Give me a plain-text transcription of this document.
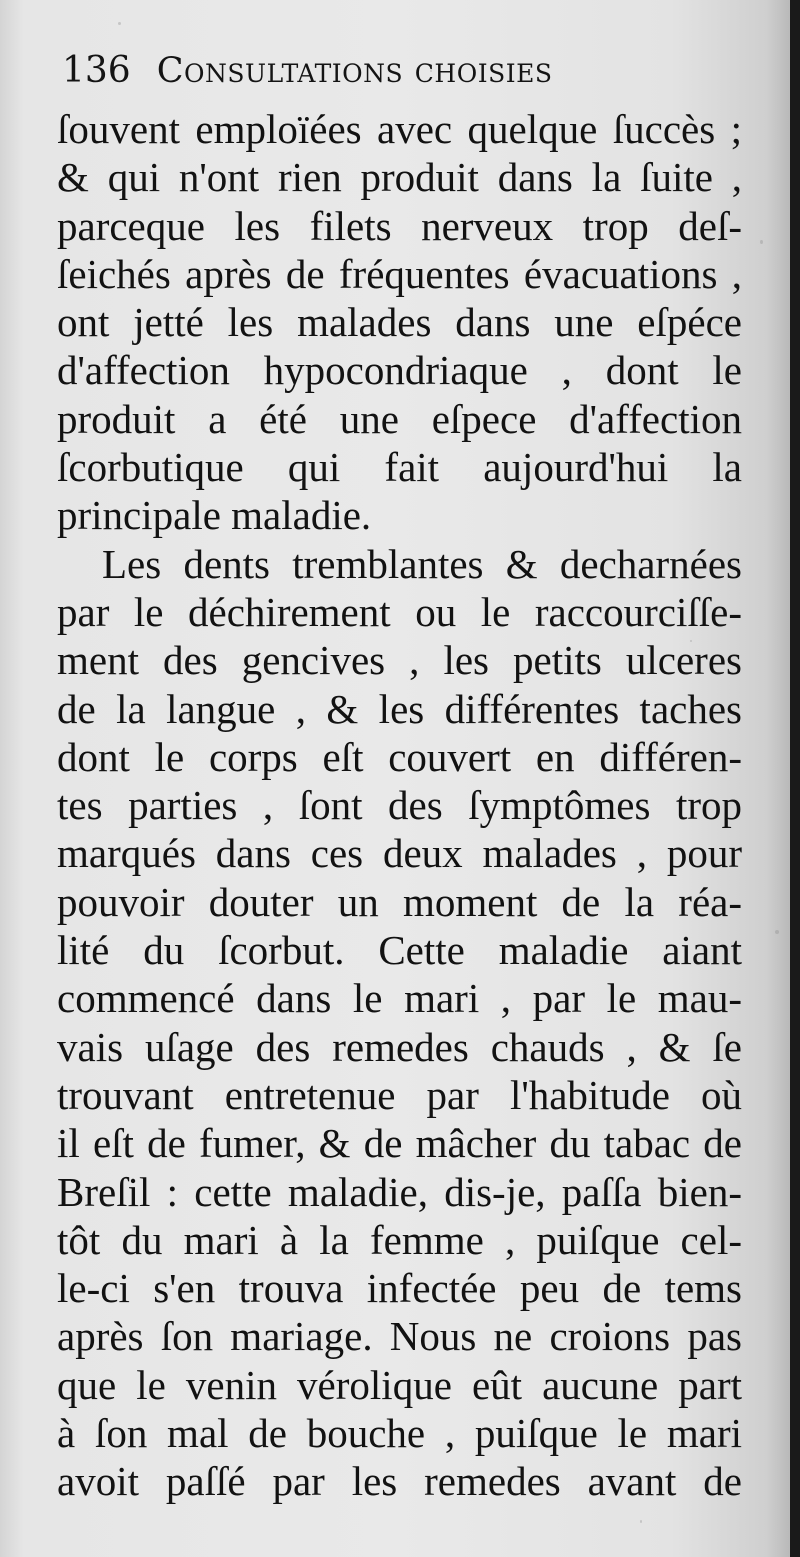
136 Consultations choisies
ſouvent emploïées avec quelque ſuccès ;
& qui n'ont rien produit dans la ſuite ,
parceque les filets nerveux trop deſ-
ſeichés après de fréquentes évacuations ,
ont jetté les malades dans une eſpéce
d'affection hypocondriaque , dont le
produit a été une eſpece d'affection
ſcorbutique qui fait aujourd'hui la
principale maladie.
Les dents tremblantes & decharnées
par le déchirement ou le raccourciſſe-
ment des gencives , les petits ulceres
de la langue , & les différentes taches
dont le corps eſt couvert en différen-
tes parties , ſont des ſymptômes trop
marqués dans ces deux malades , pour
pouvoir douter un moment de la réa-
lité du ſcorbut. Cette maladie aiant
commencé dans le mari , par le mau-
vais uſage des remedes chauds , & ſe
trouvant entretenue par l'habitude où
il eſt de fumer, & de mâcher du tabac de
Breſil : cette maladie, dis-je, paſſa bien-
tôt du mari à la femme , puiſque cel-
le-ci s'en trouva infectée peu de tems
après ſon mariage. Nous ne croions pas
que le venin vérolique eût aucune part
à ſon mal de bouche , puiſque le mari
avoit paſſé par les remedes avant de
